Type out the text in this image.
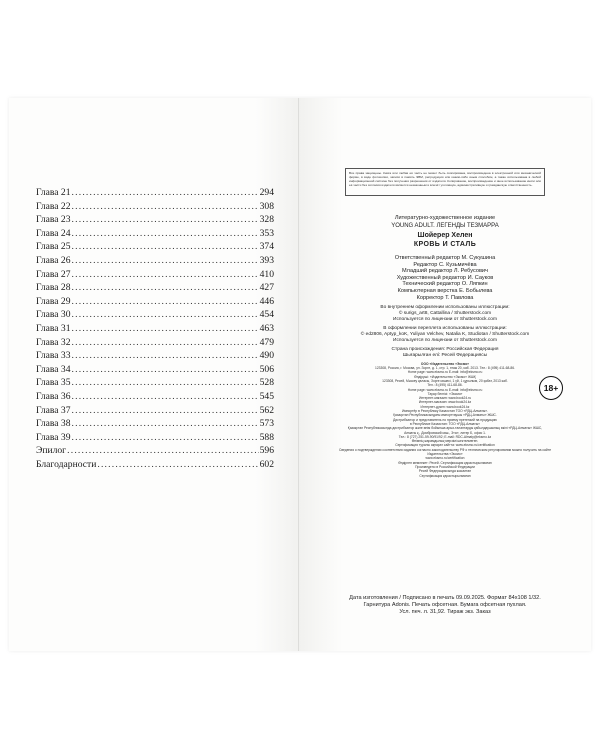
Глава 21 .....	294
Глава 22 .....	308
Глава 23 .....	328
Глава 24 .....	353
Глава 25 .....	374
Глава 26 .....	393
Глава 27 .....	410
Глава 28 .....	427
Глава 29 .....	446
Глава 30 .....	454
Глава 31 .....	463
Глава 32 .....	479
Глава 33 .....	490
Глава 34 .....	506
Глава 35 .....	528
Глава 36 .....	545
Глава 37 .....	562
Глава 38 .....	573
Глава 39 .....	588
Эпилог .....	596
Благодарности .....	602
Все права защищены. Книга или любая её часть не может быть скопирована, воспроизведена в электронной или механической форме, в виде фотокопии, записи в память ЭВМ, репродукции или каким-либо иным способом, а также использована в любой информационной системе без получения разрешения от издателя. Копирование, воспроизведение и иное использование книги или её части без согласия издателя является незаконным и влечёт уголовную, административную и гражданскую ответственность.
Литературно-художественное издание
YOUNG ADULT. ЛЕГЕНДЫ ТЕЗМАРРА
Шойерер Хелен
КРОВЬ И СТАЛЬ
Ответственный редактор М. Сукушина
Редактор С. Кузьмичёва
Младший редактор Л. Ребусович
Художественный редактор И. Сауков
Технический редактор О. Ляпкин
Компьютерная верстка Е. Бобылева
Корректор Т. Павлова
Во внутреннем оформлении использованы иллюстрации:
© surigs_art8, Cattallina / Shutterstock.com
Используется по лицензии от Shutterstock.com
В оформлении переплета использованы иллюстрации:
© ed2806, Aptyp_koK, Yuliyan Velchev, Natalia K, Studiotan / Shutterstock.com
Используется по лицензии от Shutterstock.com
Страна происхождения: Российская Федерация
Шығарылған елі: Ресей Федерациясы
ООО «Издательство «Эксмо»
123308, Россия, г. Москва, ул. Зорге, д. 1, стр. 1, этаж 20, каб. 2013. Тел.: 8 (495) 411-68-86.
Home page: www.eksmo.ru E-mail: info@eksmo.ru
Өндіруші: «Издательство «Эксмо» ЖШҚ
123308, Ресей, Мәскеу қаласы, Зорге көшесі, 1 үй, 1 құрылым, 20 қабат, 2013 каб.
Тел.: 8 (495) 411-68-86.
Home page: www.eksmo.ru E-mail: info@eksmo.ru
Тауар белгісі: «Эксмо»
Интернет-магазин: www.book24.ru
Интернет-магазин: www.book24.kz
Интернет-дүкен: www.book24.kz
Импортёр в Республику Казахстан ТОО «РДЦ-Алматы».
Қазақстан Республикасындағы импорттаушы «РДЦ-Алматы» ЖШС.
Дистрибьютор и представитель по приему претензий на продукцию
в Республике Казахстан: ТОО «РДЦ-Алматы»
Қазақстан Республикасында дистрибьютор және өнім бойынша арыз-талаптарды қабылдаушының өкілі «РДЦ-Алматы» ЖШС,
Алматы қ., Домбровский көш., 3«а», литер Б, офис 1.
Тел.: 8 (727) 251-59-90/91/92; E-mail: RDC-Almaty@eksmo.kz
Өнімнің жарамдылық мерзімі шектелмеген.
Сертификация туралы ақпарат сайтта: www.eksmo.ru/certification
Сведения о подтверждении соответствия издания согласно законодательству РФ о техническом регулировании можно получить на сайте Издательства «Эксмо»
www.eksmo.ru/certification
Өндірген мемлекет: Ресей. Сертификация қарастырылмаған
Произведено в Российской Федерации
Ресей Федерациясында жасалған
Сертификация қарастырылмаған
18+
Дата изготовления / Подписано в печать 09.09.2025. Формат 84x108 1/32.
Гарнитура Adonis. Печать офсетная. Бумага офсетная пухлая.
Усл. печ. л. 31,92. Тираж экз. Заказ
